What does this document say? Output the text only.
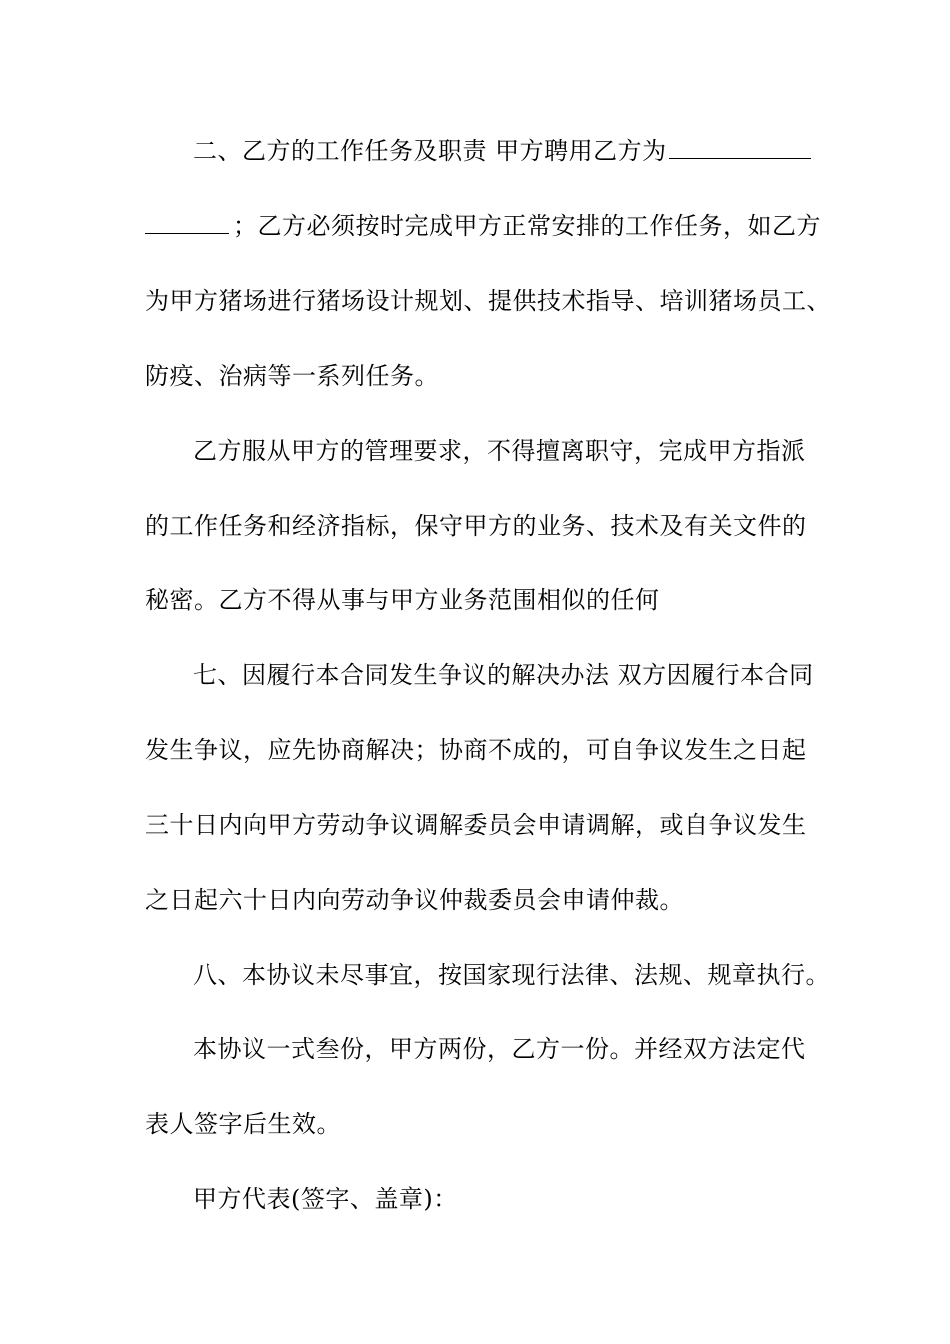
二、乙方的工作任务及职责 甲方聘用乙方为
；乙方必须按时完成甲方正常安排的工作任务，如乙方
为甲方猪场进行猪场设计规划、提供技术指导、培训猪场员工、
防疫、治病等一系列任务。
乙方服从甲方的管理要求，不得擅离职守，完成甲方指派
的工作任务和经济指标，保守甲方的业务、技术及有关文件的
秘密。乙方不得从事与甲方业务范围相似的任何
七、因履行本合同发生争议的解决办法 双方因履行本合同
发生争议，应先协商解决；协商不成的，可自争议发生之日起
三十日内向甲方劳动争议调解委员会申请调解，或自争议发生
之日起六十日内向劳动争议仲裁委员会申请仲裁。
八、本协议未尽事宜，按国家现行法律、法规、规章执行。
本协议一式叁份，甲方两份，乙方一份。并经双方法定代
表人签字后生效。
甲方代表(签字、盖章)：
